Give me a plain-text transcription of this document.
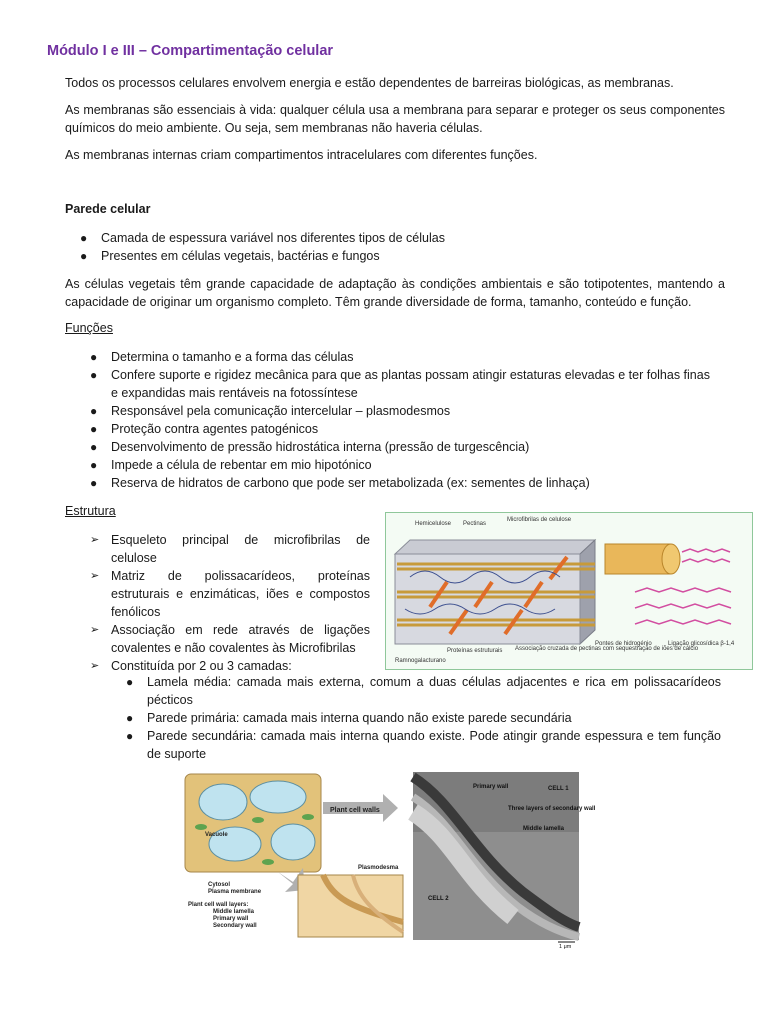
Módulo I e III – Compartimentação celular

Todos os processos celulares envolvem energia e estão dependentes de barreiras biológicas, as membranas.

As membranas são essenciais à vida: qualquer célula usa a membrana para separar e proteger os seus componentes químicos do meio ambiente. Ou seja, sem membranas não haveria células.

As membranas internas criam compartimentos intracelulares com diferentes funções.

Parede celular
● Camada de espessura variável nos diferentes tipos de células
● Presentes em células vegetais, bactérias e fungos

As células vegetais têm grande capacidade de adaptação às condições ambientais e são totipotentes, mantendo a capacidade de originar um organismo completo. Têm grande diversidade de forma, tamanho, conteúdo e função.

Funções
● Determina o tamanho e a forma das células
● Confere suporte e rigidez mecânica para que as plantas possam atingir estaturas elevadas e ter folhas finas e expandidas mais rentáveis na fotossíntese
● Responsável pela comunicação intercelular – plasmodesmos
● Proteção contra agentes patogénicos
● Desenvolvimento de pressão hidrostática interna (pressão de turgescência)
● Impede a célula de rebentar em mio hipotónico
● Reserva de hidratos de carbono que pode ser metabolizada (ex: sementes de linhaça)
Estrutura
➢ Esqueleto principal de microfibrilas de celulose
➢ Matriz de polissacarídeos, proteínas estruturais e enzimáticas, iões e compostos fenólicos
➢ Associação em rede através de ligações covalentes e não covalentes às Microfibrilas
➢ Constituída por 2 ou 3 camadas:
● Lamela média: camada mais externa, comum a duas células adjacentes e rica em polissacarídeos pécticos
● Parede primária: camada mais interna quando não existe parede secundária
● Parede secundária: camada mais interna quando existe. Pode atingir grande espessura e tem função de suporte
Hemicelulose Pectinas
Microfibrilas de celulose
Ramnogalacturano
Proteínas estruturais Associação cruzada de pectinas com sequestração de iões de cálcio
Pontes de hidrogénio	Ligação glicosídica β-1,4
Plant cell walls
Vacuole
Plasmodesma
Cytosol
Plasma membrane
Plant cell wall layers:
Middle lamella
Primary wall
Secondary wall
Primary wall	CELL 1
Three layers of secondary wall
Middle lamella
CELL 2
1 μm
